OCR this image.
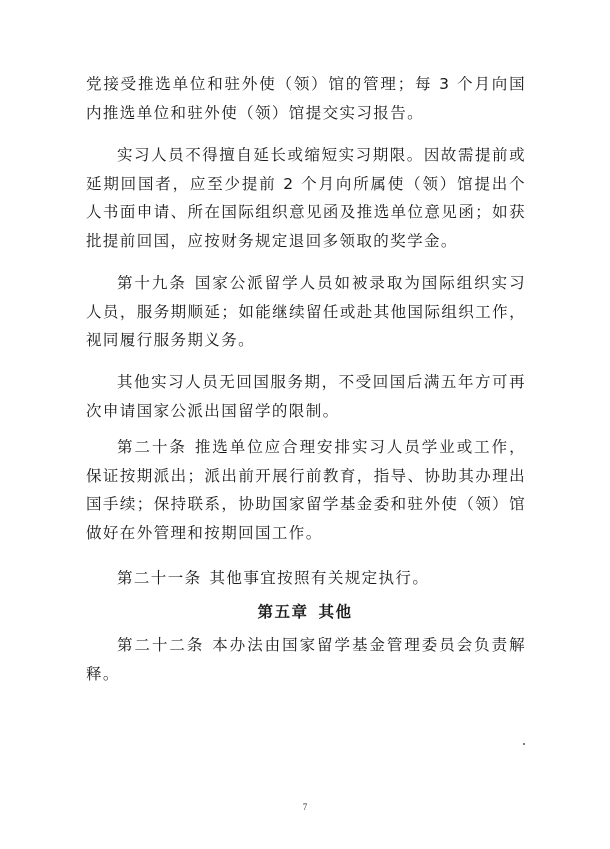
党接受推选单位和驻外使（领）馆的管理；每 3 个月向国内推选单位和驻外使（领）馆提交实习报告。

实习人员不得擅自延长或缩短实习期限。因故需提前或延期回国者，应至少提前 2 个月向所属使（领）馆提出个人书面申请、所在国际组织意见函及推选单位意见函；如获批提前回国，应按财务规定退回多领取的奖学金。

第十九条 国家公派留学人员如被录取为国际组织实习人员，服务期顺延；如能继续留任或赴其他国际组织工作，视同履行服务期义务。

其他实习人员无回国服务期，不受回国后满五年方可再次申请国家公派出国留学的限制。

第二十条 推选单位应合理安排实习人员学业或工作，保证按期派出；派出前开展行前教育，指导、协助其办理出国手续；保持联系，协助国家留学基金委和驻外使（领）馆做好在外管理和按期回国工作。

第二十一条 其他事宜按照有关规定执行。

第五章 其他

第二十二条 本办法由国家留学基金管理委员会负责解释。

7
